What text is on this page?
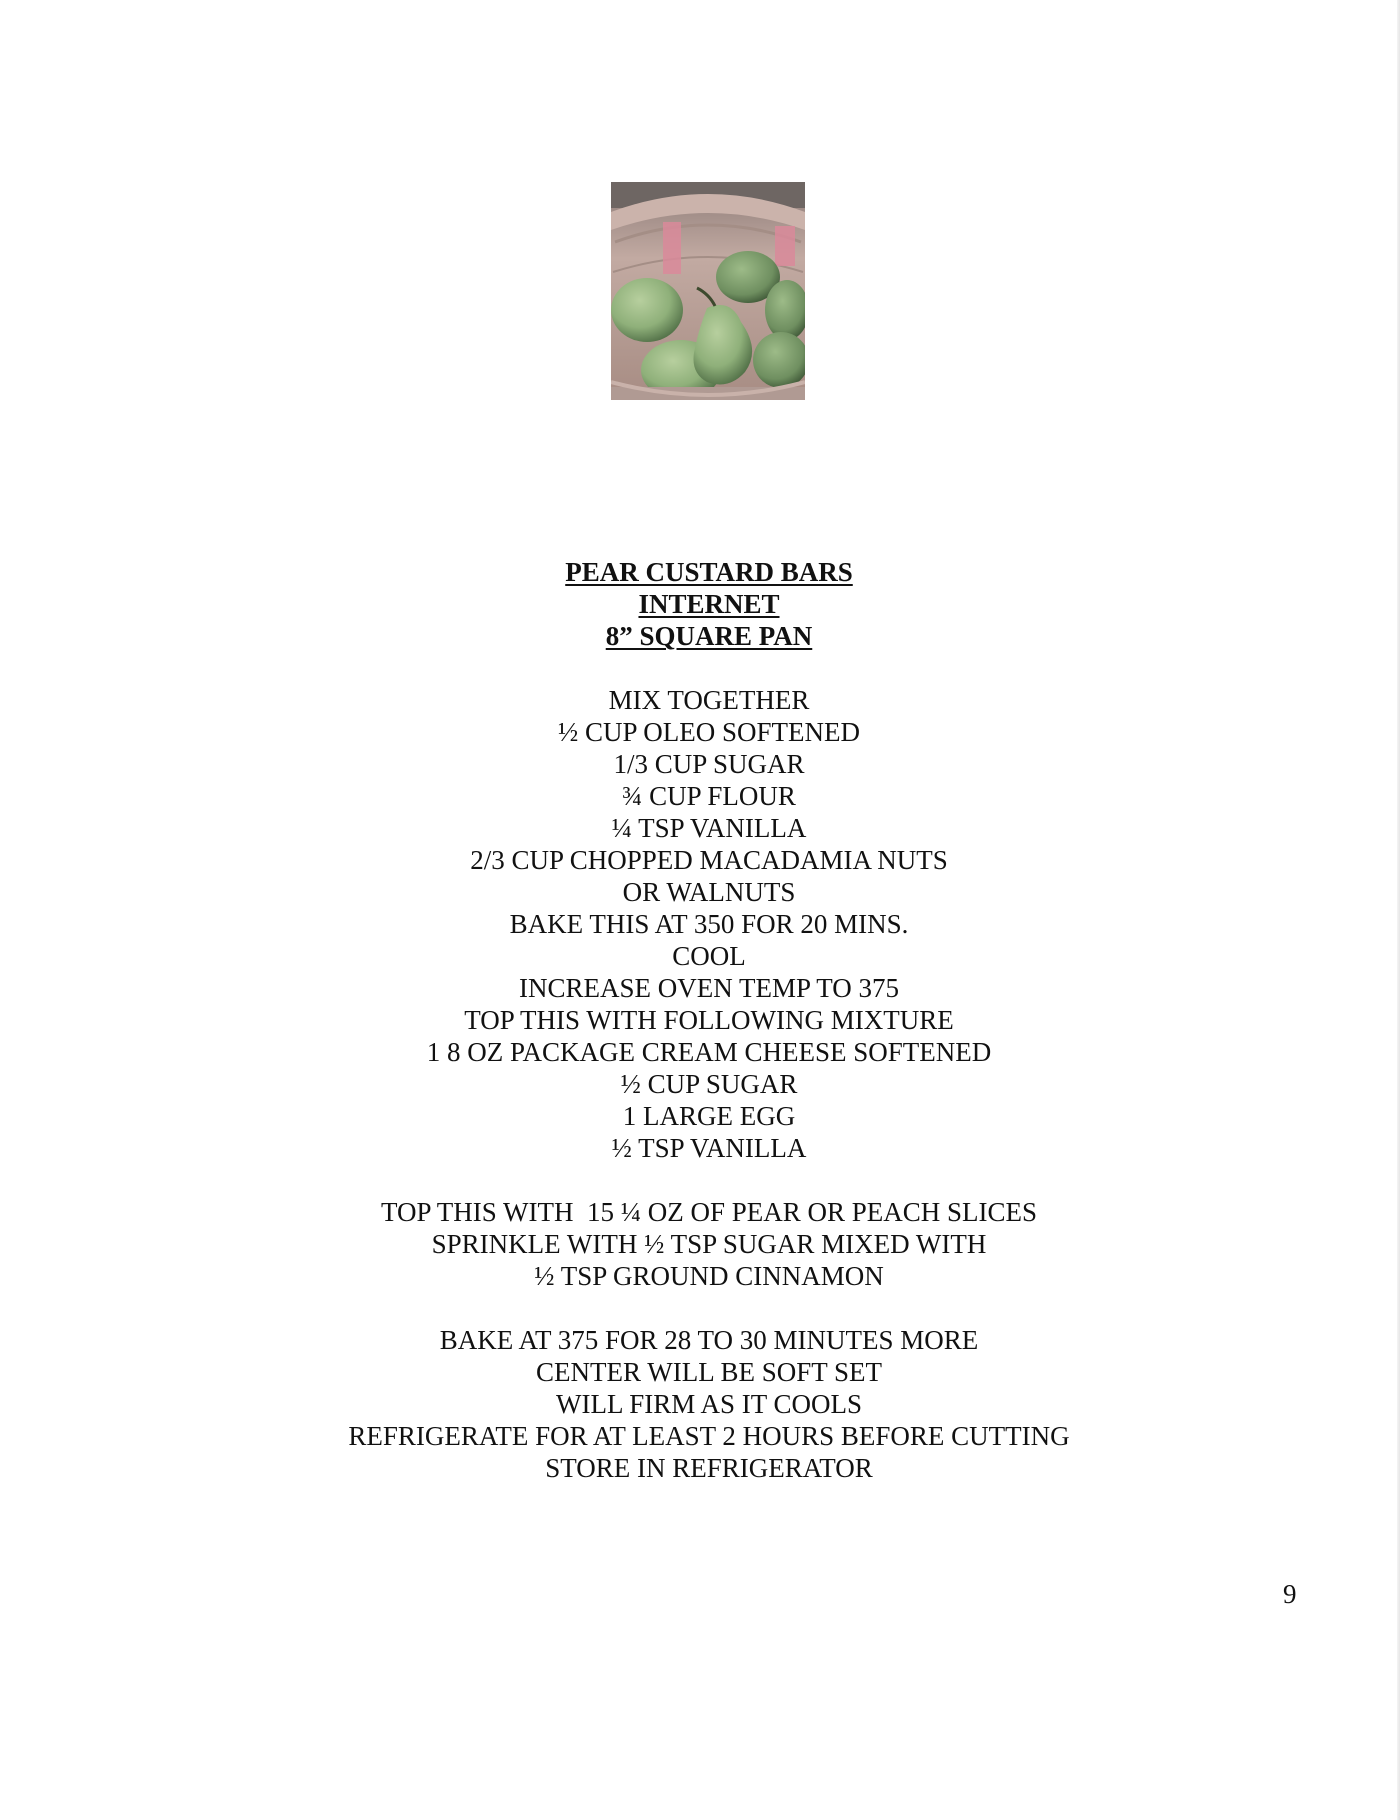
PEAR CUSTARD BARS
INTERNET
8” SQUARE PAN
MIX TOGETHER
½ CUP OLEO SOFTENED
1/3 CUP SUGAR
¾ CUP FLOUR
¼ TSP VANILLA
2/3 CUP CHOPPED MACADAMIA NUTS
OR WALNUTS
BAKE THIS AT 350 FOR 20 MINS.
COOL
INCREASE OVEN TEMP TO 375
TOP THIS WITH FOLLOWING MIXTURE
1 8 OZ PACKAGE CREAM CHEESE SOFTENED
½ CUP SUGAR
1 LARGE EGG
½ TSP VANILLA
TOP THIS WITH  15 ¼ OZ OF PEAR OR PEACH SLICES
SPRINKLE WITH ½ TSP SUGAR MIXED WITH
½ TSP GROUND CINNAMON
BAKE AT 375 FOR 28 TO 30 MINUTES MORE
CENTER WILL BE SOFT SET
WILL FIRM AS IT COOLS
REFRIGERATE FOR AT LEAST 2 HOURS BEFORE CUTTING
STORE IN REFRIGERATOR
9
